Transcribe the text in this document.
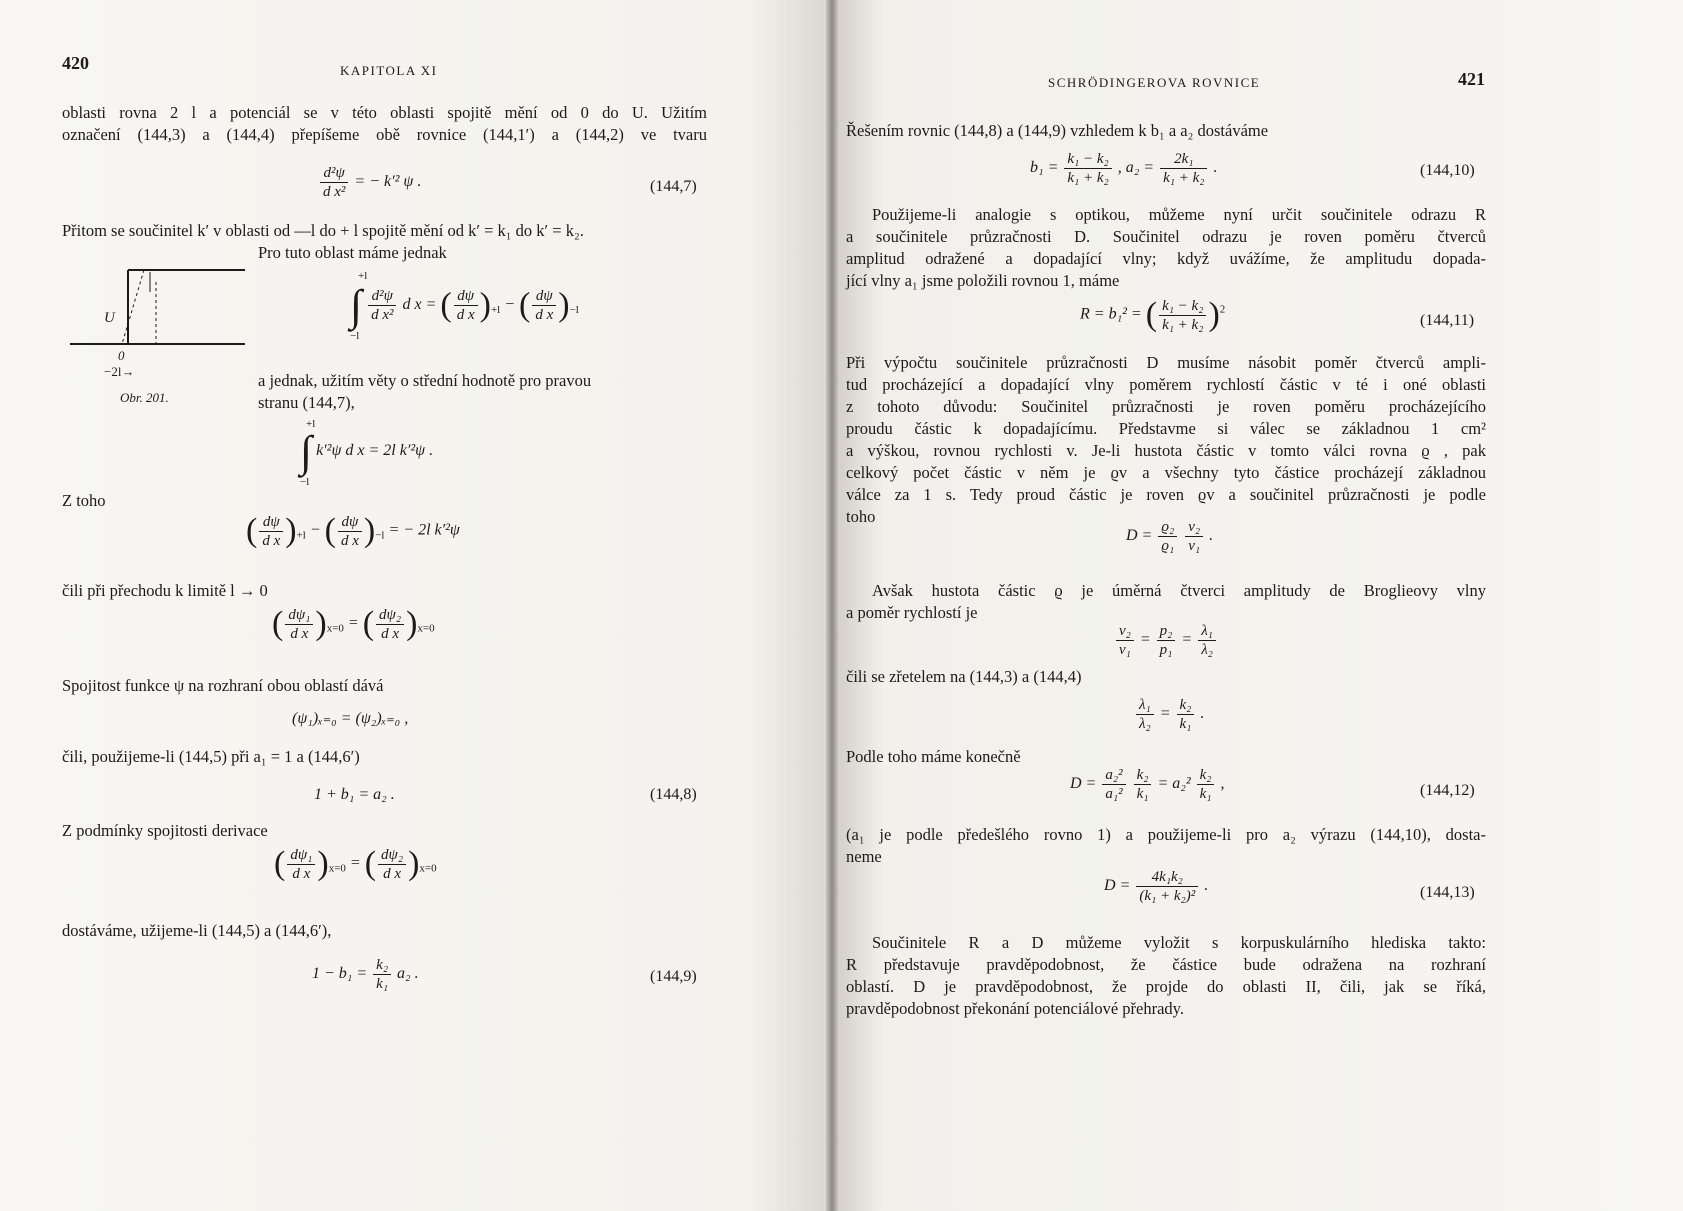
420	KAPITOLA XI
oblasti rovna 2 l a potenciál se v této oblasti spojitě mění od 0 do U. Užitím
označení (144,3) a (144,4) přepíšeme obě rovnice (144,1′) a (144,2) ve tvaru
$\frac{\text{d²ψ}}{\text{d x²}}$ = − k′² ψ .	(144,7)
Přitom se součinitel k′ v oblasti od —l do + l spojitě mění od k′ = k₁ do k′ = k₂.
Pro tuto oblast máme jednak
U
0
−2l→
Obr. 201.
+l
−l
∫ $\frac{\text{d²ψ}}{\text{d x²}}$ d x = ( $\frac{d\psi}{\text{d x}} )_{+l}$ − ( $\frac{d\psi}{\text{d x}} )_{-l}$
a jednak, užitím věty o střední hodnotě pro pravou
stranu (144,7),
+l
−l
∫ k′²ψ d x = 2l k′²ψ .
Z toho
( $\frac{d\psi}{\text{d x}} )_{+l}$ − ( $\frac{d\psi}{\text{d x}} )_{-l}$ = − 2l k′²ψ
čili při přechodu k limitě l → 0
( $\frac{\text{dψ₁}}{\text{d x}} )_{x=0}$ = ( $\frac{\text{dψ₂}}{\text{d x}} )_{x=0}$
Spojitost funkce ψ na rozhraní obou oblastí dává
(ψ₁)ₓ₌₀ = (ψ₂)ₓ₌₀ ,
čili, použijeme-li (144,5) při a₁ = 1 a (144,6′)
1 + b₁ = a₂ .	(144,8)
Z podmínky spojitosti derivace
( $\frac{\text{dψ₁}}{\text{d x}} )_{x=0}$ = ( $\frac{\text{dψ₂}}{\text{d x}} )_{x=0}$
dostáváme, užijeme-li (144,5) a (144,6′),
$1 - b_1 = \frac{\text{k₂}}{\text{k₁}} a_2$ .	(144,9)
SCHRÖDINGEROVA ROVNICE	421
Řešením rovnic (144,8) a (144,9) vzhledem k b₁ a a₂ dostáváme
$b_1 = \frac{\text{k₁ − k₂}}{\text{k₁ + k₂}}$ , $a_2 = \frac{\text{2k₁}}{\text{k₁ + k₂}}$ .	(144,10)
Použijeme-li analogie s optikou, můžeme nyní určit součinitele odrazu R
a součinitele průzračnosti D. Součinitel odrazu je roven poměru čtverců
amplitud odražené a dopadající vlny; když uvážíme, že amplitudu dopada-
jící vlny a₁ jsme položili rovnou 1, máme
R = b₁² = ( $\frac{\text{k₁ − k₂}}{\text{k₁ + k₂}} )^2$
(144,11)
Při výpočtu součinitele průzračnosti D musíme násobit poměr čtverců ampli-
tud procházející a dopadající vlny poměrem rychlostí částic v té i oné oblasti
z tohoto důvodu: Součinitel průzračnosti je roven poměru procházejícího
proudu částic k dopadajícímu. Představme si válec se základnou 1 cm²
a výškou, rovnou rychlosti v. Je-li hustota částic v tomto válci rovna ϱ , pak
celkový počet částic v něm je ϱv a všechny tyto částice procházejí základnou
válce za 1 s. Tedy proud částic je roven ϱv a součinitel průzračnosti je podle
toho
$D = \frac{\text{ϱ₂}}{\text{ϱ₁}}$
$\frac{\text{v₂}}{\text{v₁}}$ .
Avšak hustota částic ϱ je úměrná čtverci amplitudy de Broglieovy vlny
a poměr rychlostí je
$\frac{\text{v₂}}{\text{v₁}} = \frac{\text{p₂}}{\text{p₁}} = \frac{\text{λ₁}}{\text{λ₂}}$
čili se zřetelem na (144,3) a (144,4)
$\frac{\text{λ₁}}{\text{λ₂}} = \frac{\text{k₂}}{\text{k₁}}$ .
Podle toho máme konečně
$D = \frac{\text{a₂²}}{\text{a₁²}}$
$\frac{\text{k₂}}{\text{k₁}} = a_2^2 \frac{\text{k₂}}{\text{k₁}}$ ,	(144,12)
(a₁ je podle předešlého rovno 1) a použijeme-li pro a₂ výrazu (144,10), dosta-
neme
$D = \frac{\text{4k₁k₂}}{\text{(k₁ + k₂)²}}$ .	(144,13)
Součinitele R a D můžeme vyložit s korpuskulárního hlediska takto:
R představuje pravděpodobnost, že částice bude odražena na rozhraní
oblastí. D je pravděpodobnost, že projde do oblasti II, čili, jak se říká,
pravděpodobnost překonání potenciálové přehrady.
